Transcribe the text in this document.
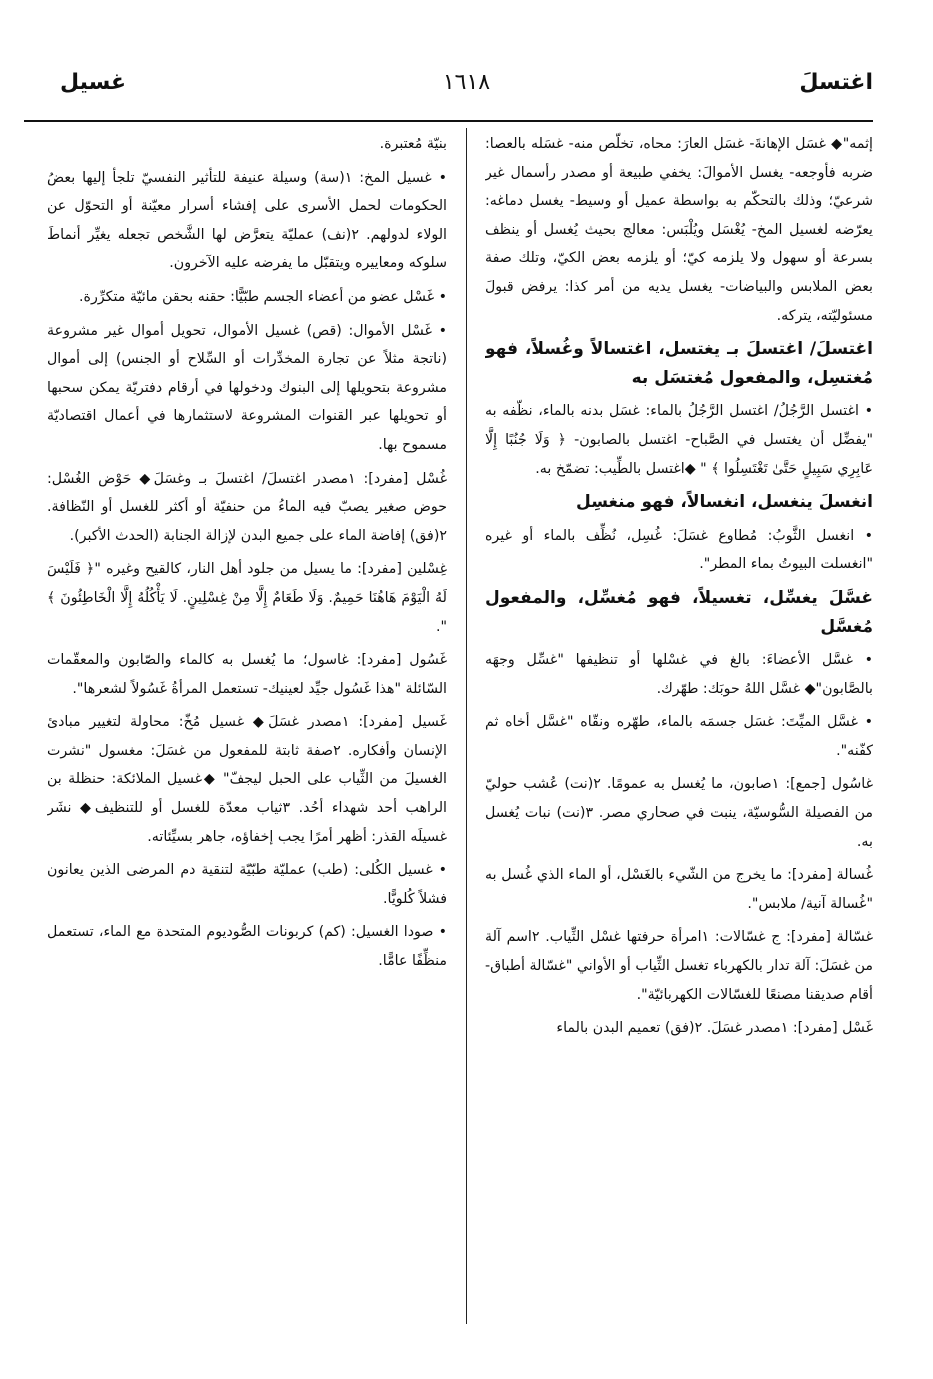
اغتسلَ
١٦١٨
غسيل

إثمه"◆ غسَل الإهانةَ- غسَل العارَ: محاه، تخلّص منه- غسَله بالعصا: ضربه فأوجعه- يغسل الأموالَ: يخفي طبيعة أو مصدر رأسمال غير شرعيّ؛ وذلك بالتحكّم به بواسطة عميل أو وسيط- يغسل دماغه: يعرّضه لغسيل المخ- يُغْسَل ويُلْبَس: معالج بحيث يُغسل أو ينظف بسرعة أو سهول ولا يلزمه كيّ؛ أو يلزمه بعض الكيّ، وتلك صفة بعض الملابس والبياضات- يغسل يديه من أمر كذا: يرفض قبولَ مسئوليّته، يتركه.

اغتسلَ/ اغتسلَ بـ يغتسل، اغتسالاً وغُسلاً، فهو مُغتسِل، والمفعول مُغتسَل به

• اغتسل الرَّجُلُ/ اغتسل الرَّجُلُ بالماء: غسَل بدنه بالماء، نظّفه به "يفضِّل أن يغتسل في الصَّباح- اغتسل بالصابون- ﴿ وَلَا جُنُبًا إِلَّا عَابِرِي سَبِيلٍ حَتَّىٰ تَغْتَسِلُوا ﴾ " ◆اغتسل بالطِّيب: تضمّخ به.

انغسلَ ينغسل، انغسالاً، فهو منغسِل

• انغسل الثَّوبُ: مُطاوع غسَلَ: غُسِل، نُظِّف بالماء أو غيره "انغسلت البيوتُ بماء المطر".

غسَّلَ يغسِّل، تغسيلاً، فهو مُغسِّل، والمفعول مُغسَّل

• غسَّل الأعضاءَ: بالغ في غسْلها أو تنظيفها "غسِّل وجهَه بالصَّابون"◆ غسَّل اللهُ حوبَك: طهّرك.

• غسَّل الميِّتَ: غسَل جسمَه بالماء، طهّره ونقّاه "غسَّل أخاه ثم كفّنه".

غاسُول [جمع]: ١صابون، ما يُغسل به عمومًا. ٢(نت) عُشب حوليّ من الفصيلة السُّوسيّة، ينبت في صحاري مصر. ٣(نت) نبات يُغسل به.

غُسالة [مفرد]: ما يخرج من الشّيء بالغَسْل، أو الماء الذي غُسل به "غُسالة آنية/ ملابس".

غسّالة [مفرد]: ج غسّالات: ١امرأة حرفتها غسْل الثِّياب. ٢اسم آلة من غسَلَ: آلة تدار بالكهرباء تغسل الثِّياب أو الأواني "غسّالة أطباق- أقام صديقنا مصنعًا للغسّالات الكهربائيّة".

غَسْل [مفرد]: ١مصدر غسَلَ. ٢(فق) تعميم البدن بالماء

بنيّة مُعتبرة.

• غسيل المخ: ١(سة) وسيلة عنيفة للتأثير النفسيّ تلجأ إليها بعضُ الحكومات لحمل الأسرى على إفشاء أسرار معيّنة أو التحوّل عن الولاء لدولهم. ٢(نف) عمليّة يتعرَّض لها الشَّخص تجعله يغيِّر أنماطَ سلوكه ومعاييره ويتقبّل ما يفرضه عليه الآخرون.

• غَسْل عضو من أعضاء الجسم طبّيًّا: حقنه بحقن مائيّة متكرِّرة.

• غَسْل الأموال: (قص) غسيل الأموال، تحويل أموال غير مشروعة (ناتجة مثلاً عن تجارة المخدِّرات أو السِّلاح أو الجنس) إلى أموال مشروعة بتحويلها إلى البنوك ودخولها في أرقام دفتريّة يمكن سحبها أو تحويلها عبر القنوات المشروعة لاستثمارها في أعمال اقتصاديّة مسموح بها.

غُسْل [مفرد]: ١مصدر اغتسلَ/ اغتسلَ بـ وغسَلَ◆ حَوْض الغُسْل: حوض صغير يصبّ فيه الماءُ من حنفيّة أو أكثر للغسل أو النّظافة. ٢(فق) إفاضة الماء على جميع البدن لإزالة الجنابة (الحدث الأكبر).

غِسْلين [مفرد]: ما يسيل من جلود أهل النار، كالقيح وغيره "﴿ فَلَيْسَ لَهُ الْيَوْمَ هَاهُنَا حَمِيمٌ. وَلَا طَعَامٌ إِلَّا مِنْ غِسْلِينٍ. لَا يَأْكُلُهُ إِلَّا الْخَاطِئُونَ ﴾ ".

غَسُول [مفرد]: غاسول؛ ما يُغسل به كالماء والصّابون والمعقّمات السّائلة "هذا غَسُول جيِّد لعينيك- تستعمل المرأةُ غَسُولاً لشعرها".

غَسيل [مفرد]: ١مصدر غسَلَ◆ غسيل مُخّ: محاولة لتغيير مبادئ الإنسان وأفكاره. ٢صفة ثابتة للمفعول من غسَلَ: مغسول "نشرت الغسيلَ من الثِّياب على الحبل ليجفّ" ◆غسيل الملائكة: حنظلة بن الراهب أحد شهداء أحُد. ٣ثياب معدّة للغسل أو للتنظيف◆ نشَر غسيلَه القذر: أظهر أمرًا يجب إخفاؤه، جاهر بسيِّئاته.

• غسيل الكُلى: (طب) عمليّة طبّيّة لتنقية دم المرضى الذين يعانون فشلاً كُلويًّا.

• صودا الغسيل: (كم) كربونات الصُّوديوم المتحدة مع الماء، تستعمل منظِّفًا عامًّا.
